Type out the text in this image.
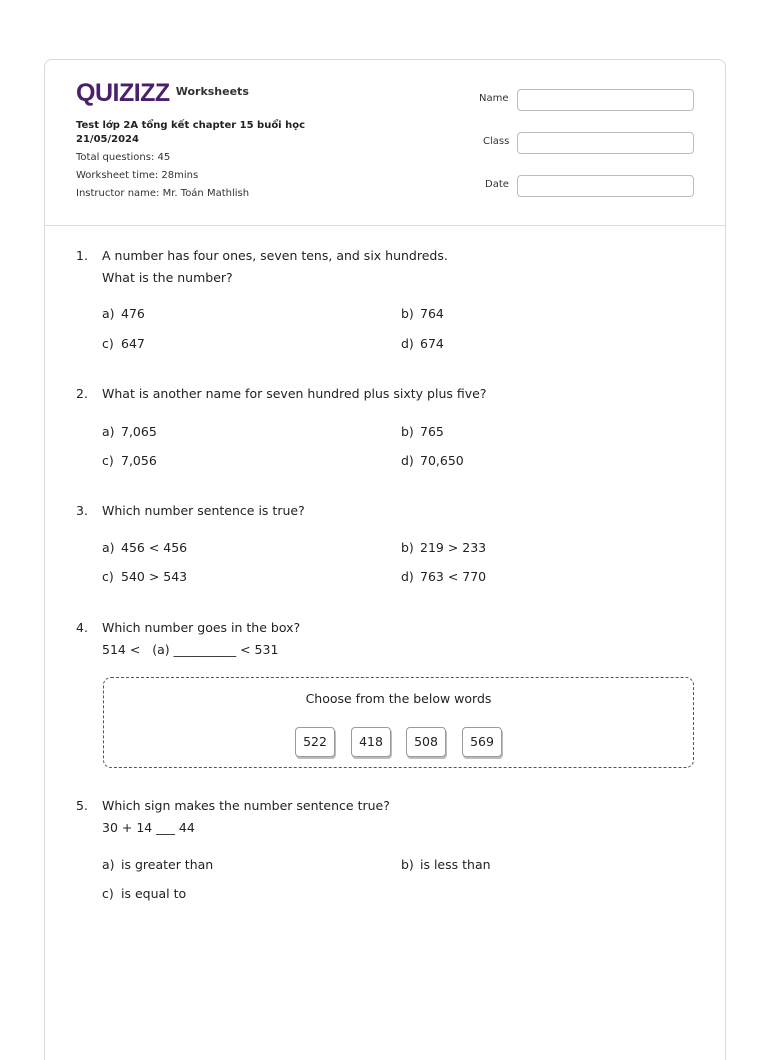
QUIZIZZ Worksheets
Test lớp 2A tổng kết chapter 15 buổi học 21/05/2024
Total questions: 45
Worksheet time: 28mins
Instructor name: Mr. Toán Mathlish
Name
Class
Date
1. A number has four ones, seven tens, and six hundreds.
What is the number?
a) 476	b) 764
c) 647	d) 674
2. What is another name for seven hundred plus sixty plus five?
a) 7,065	b) 765
c) 7,056	d) 70,650
3. Which number sentence is true?
a) 456 < 456	b) 219 > 233
c) 540 > 543	d) 763 < 770
4. Which number goes in the box?
514 <   (a) __________ < 531
Choose from the below words
522	418	508	569
5. Which sign makes the number sentence true?
30 + 14 ___ 44
a) is greater than	b) is less than
c) is equal to
